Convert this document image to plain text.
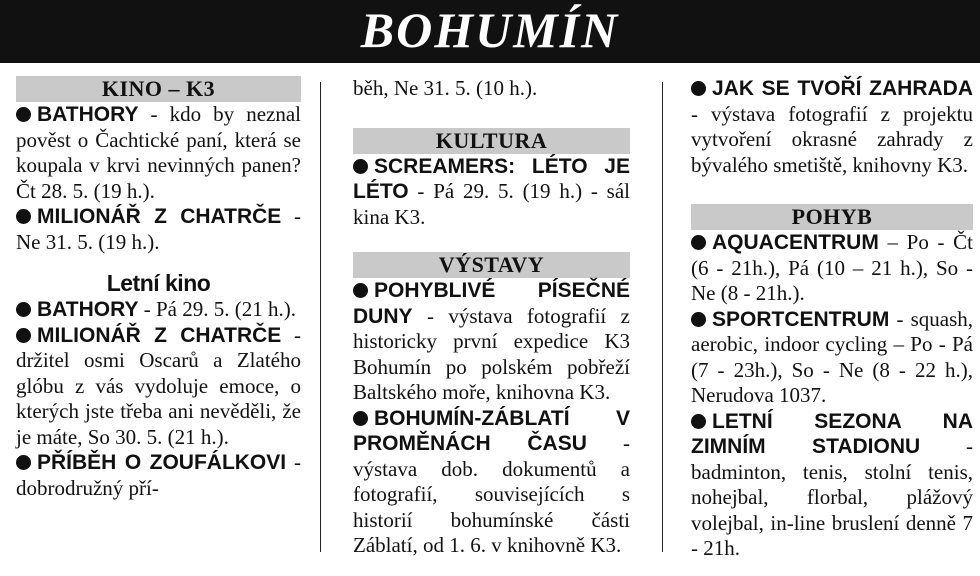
BOHUMÍN
KINO – K3

BATHORY - kdo by neznal pověst o Čachtické paní, která se koupala v krvi nevinných panen? Čt 28. 5. (19 h.).

MILIONÁŘ Z CHATRČE - Ne 31. 5. (19 h.).

Letní kino

BATHORY - Pá 29. 5. (21 h.).

MILIONÁŘ Z CHATRČE - držitel osmi Oscarů a Zlatého glóbu z vás vydoluje emoce, o kterých jste třeba ani nevěděli, že je máte, So 30. 5. (21 h.).

PŘÍBĚH O ZOUFÁLKOVI - dobrodružný pří-

běh, Ne 31. 5. (10 h.).

KULTURA

SCREAMERS: LÉTO JE LÉTO - Pá 29. 5. (19 h.) - sál kina K3.

VÝSTAVY

POHYBLIVÉ PÍSEČNÉ DUNY - výstava fotografií z historicky první expedice K3 Bohumín po polském pobřeží Baltského moře, knihovna K3.

BOHUMÍN-ZÁBLATÍ V PROMĚNÁCH ČASU - výstava dob. dokumentů a fotografií, souvisejících s historií bohumínské části Záblatí, od 1. 6. v knihovně K3.

JAK SE TVOŘÍ ZAHRADA - výstava fotografií z projektu vytvoření okrasné zahrady z bývalého smetiště, knihovny K3.

POHYB

AQUACENTRUM – Po - Čt (6 - 21h.), Pá (10 – 21 h.), So - Ne (8 - 21h.).

SPORTCENTRUM - squash, aerobic, indoor cycling – Po - Pá (7 - 23h.), So - Ne (8 - 22 h.), Nerudova 1037.

LETNÍ SEZONA NA ZIMNÍM STADIONU - badminton, tenis, stolní tenis, nohejbal, florbal, plážový volejbal, in-line bruslení denně 7 - 21h.
